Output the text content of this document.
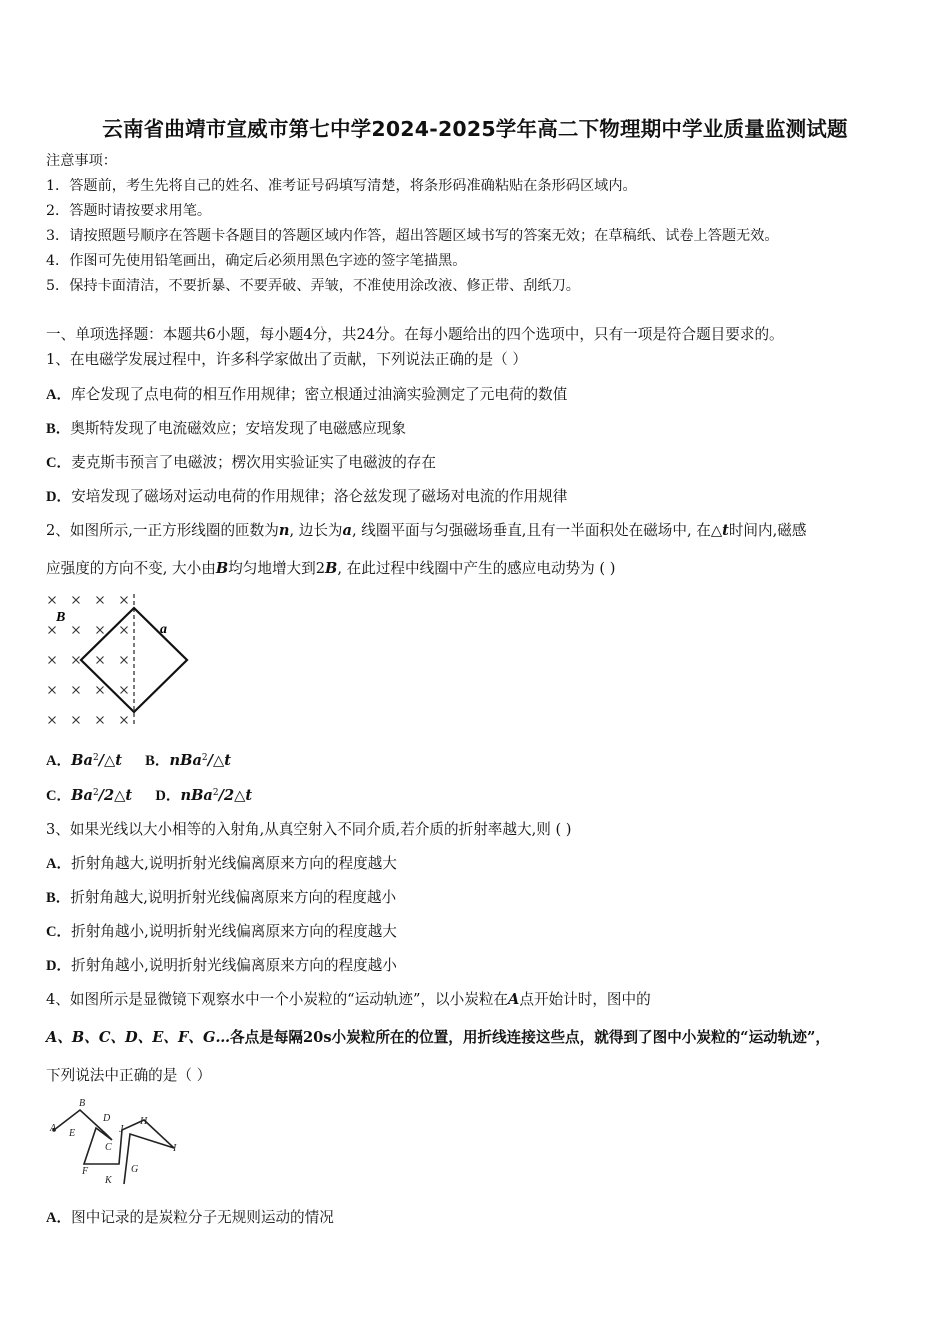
云南省曲靖市宣威市第七中学2024-2025学年高二下物理期中学业质量监测试题
注意事项：
1．答题前，考生先将自己的姓名、准考证号码填写清楚，将条形码准确粘贴在条形码区域内。
2．答题时请按要求用笔。
3．请按照题号顺序在答题卡各题目的答题区域内作答，超出答题区域书写的答案无效；在草稿纸、试卷上答题无效。
4．作图可先使用铅笔画出，确定后必须用黑色字迹的签字笔描黑。
5．保持卡面清洁，不要折暴、不要弄破、弄皱，不准使用涂改液、修正带、刮纸刀。
一、单项选择题：本题共6小题，每小题4分，共24分。在每小题给出的四个选项中，只有一项是符合题目要求的。
1、在电磁学发展过程中，许多科学家做出了贡献，下列说法正确的是（ ）
A．库仑发现了点电荷的相互作用规律；密立根通过油滴实验测定了元电荷的数值
B．奥斯特发现了电流磁效应；安培发现了电磁感应现象
C．麦克斯韦预言了电磁波；楞次用实验证实了电磁波的存在
D．安培发现了磁场对运动电荷的作用规律；洛仑兹发现了磁场对电流的作用规律
2、如图所示,一正方形线圈的匝数为n, 边长为a, 线圈平面与匀强磁场垂直,且有一半面积处在磁场中, 在△t时间内,磁感
应强度的方向不变, 大小由B均匀地增大到2B, 在此过程中线圈中产生的感应电动势为 ( )
B
a
A．Ba$^2$/△t B．nBa$^2$/△t
C．Ba$^2$/2△t D．nBa$^2$/2△t
3、如果光线以大小相等的入射角,从真空射入不同介质,若介质的折射率越大,则 ( )
A．折射角越大,说明折射光线偏离原来方向的程度越大
B．折射角越大,说明折射光线偏离原来方向的程度越小
C．折射角越小,说明折射光线偏离原来方向的程度越大
D．折射角越小,说明折射光线偏离原来方向的程度越小
4、如图所示是显微镜下观察水中一个小炭粒的“运动轨迹”，以小炭粒在A点开始计时，图中的
A、B、C、D、E、F、G…各点是每隔20s小炭粒所在的位置，用折线连接这些点，就得到了图中小炭粒的“运动轨迹”，
下列说法中正确的是（ ）
A
B
C
D
E
F	G
H
I
J
K
A．图中记录的是炭粒分子无规则运动的情况
